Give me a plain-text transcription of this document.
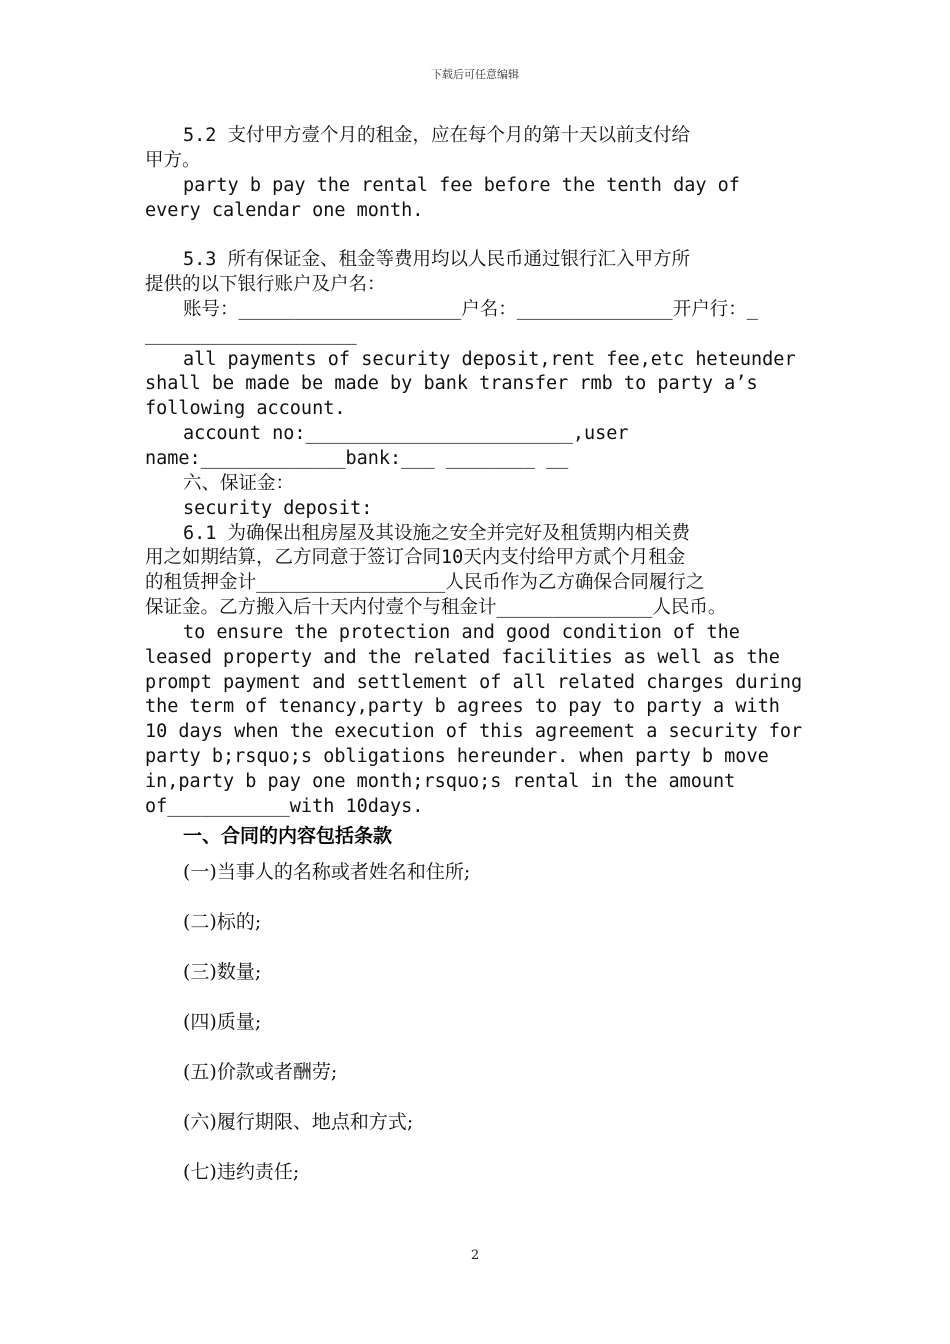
下载后可任意编辑
5.2 支付甲方壹个月的租金，应在每个月的第十天以前支付给
甲方。
party b pay the rental fee before the tenth day of
every calendar one month.
5.3 所有保证金、租金等费用均以人民币通过银行汇入甲方所
提供的以下银行账户及户名：
账号：____________________户名：______________开户行：_
___________________
all payments of security deposit,rent fee,etc heteunder
shall be made be made by bank transfer rmb to party a’s
following account.
account no:________________________,user
name:_____________bank:___ ________ __
六、保证金：
security deposit:
6.1 为确保出租房屋及其设施之安全并完好及租赁期内相关费
用之如期结算，乙方同意于签订合同10天内支付给甲方贰个月租金
的租赁押金计_________________人民币作为乙方确保合同履行之
保证金。乙方搬入后十天内付壹个与租金计______________人民币。
to ensure the protection and good condition of the
leased property and the related facilities as well as the
prompt payment and settlement of all related charges during
the term of tenancy,party b agrees to pay to party a with
10 days when the execution of this agreement a security for
party b;rsquo;s obligations hereunder. when party b move
in,party b pay one month;rsquo;s rental in the amount
of___________with 10days.
一、合同的内容包括条款
(一)当事人的名称或者姓名和住所;
(二)标的;
(三)数量;
(四)质量;
(五)价款或者酬劳;
(六)履行期限、地点和方式;
(七)违约责任;
2
